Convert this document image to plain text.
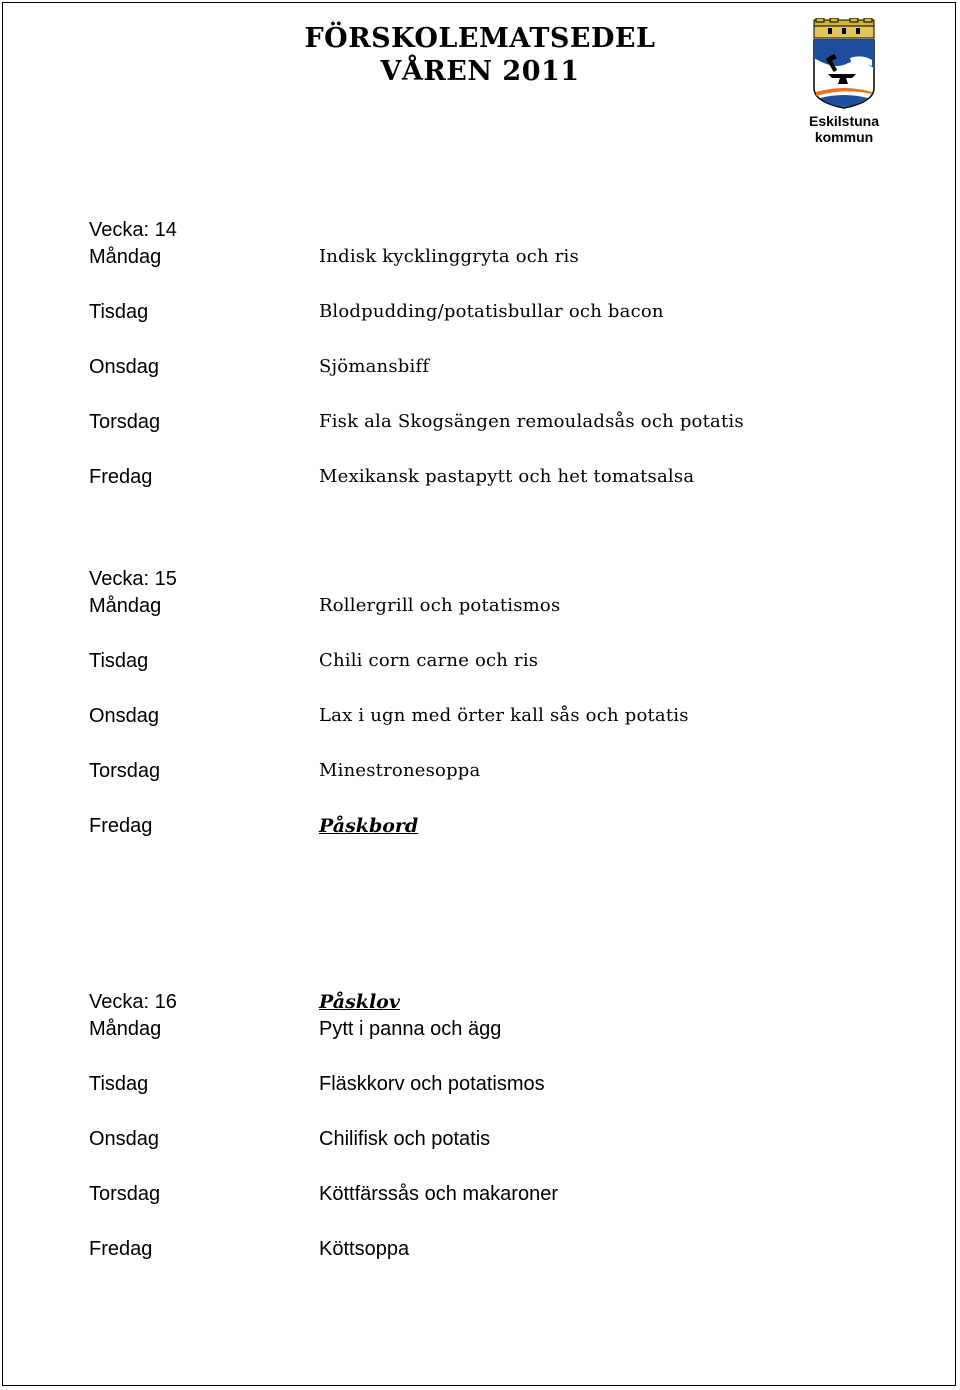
FÖRSKOLEMATSEDEL
VÅREN 2011
Eskilstuna
kommun
Vecka: 14
Måndag	Indisk kycklinggryta och ris
Tisdag	Blodpudding/potatisbullar och bacon
Onsdag	Sjömansbiff
Torsdag	Fisk ala Skogsängen remouladsås och potatis
Fredag	Mexikansk pastapytt och het tomatsalsa
Vecka: 15
Måndag	Rollergrill och potatismos
Tisdag	Chili corn carne och ris
Onsdag	Lax i ugn med örter kall sås och potatis
Torsdag	Minestronesoppa
Fredag	Påskbord
Vecka: 16	Påsklov
Måndag	Pytt i panna och ägg
Tisdag	Fläskkorv och potatismos
Onsdag	Chilifisk och potatis
Torsdag	Köttfärssås och makaroner
Fredag	Köttsoppa
